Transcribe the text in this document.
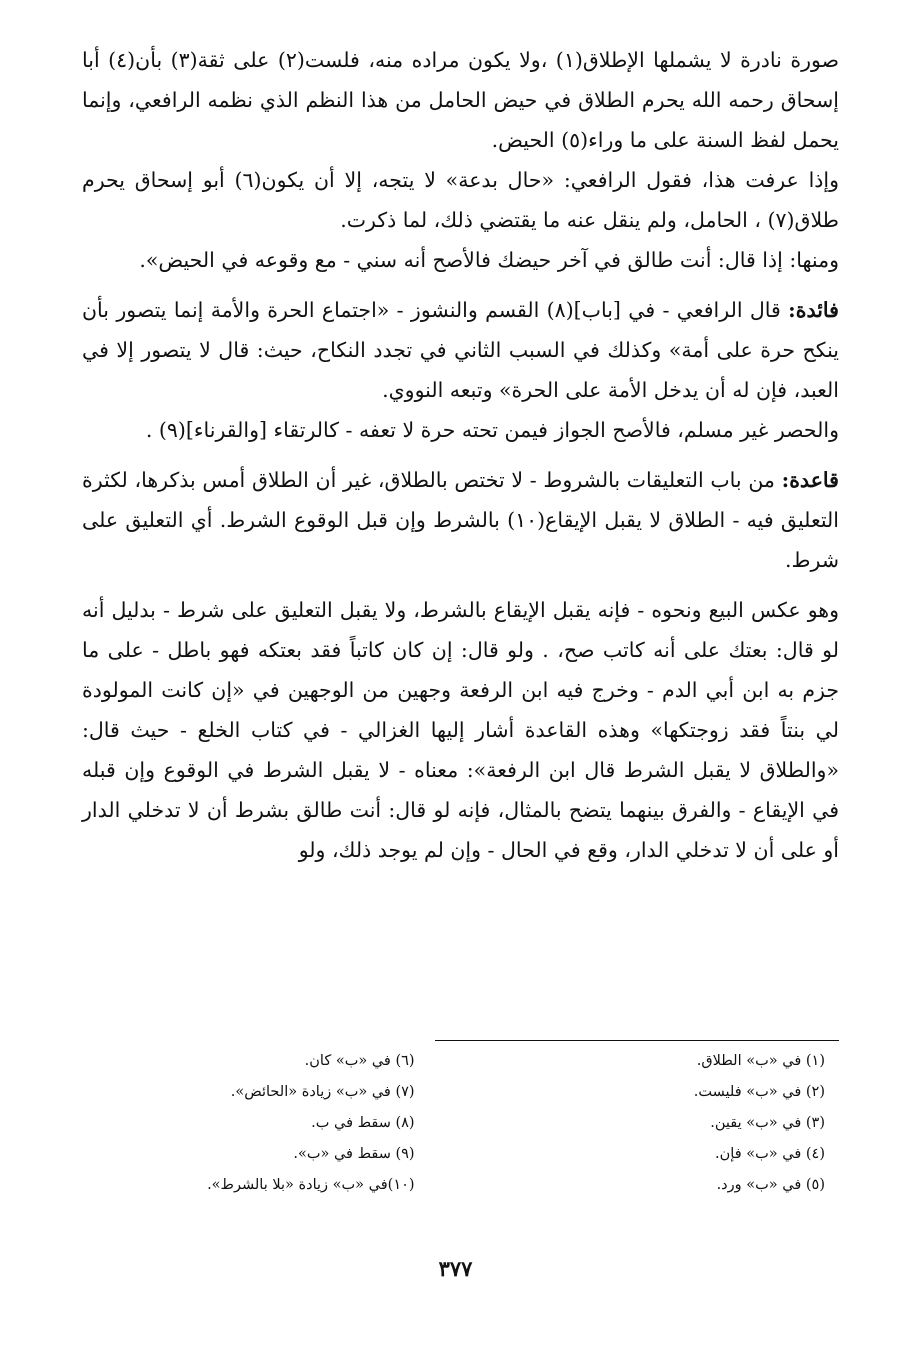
صورة نادرة لا يشملها الإطلاق(١) ،ولا يكون مراده منه، فلست(٢) على ثقة(٣) بأن(٤) أبا إسحاق رحمه الله يحرم الطلاق في حيض الحامل من هذا النظم الذي نظمه الرافعي، وإنما يحمل لفظ السنة على ما وراء(٥) الحيض.

وإذا عرفت هذا، فقول الرافعي: «حال بدعة» لا يتجه، إلا أن يكون(٦) أبو إسحاق يحرم طلاق(٧) ، الحامل، ولم ينقل عنه ما يقتضي ذلك، لما ذكرت.

ومنها: إذا قال: أنت طالق في آخر حيضك فالأصح أنه سني - مع وقوعه في الحيض».

فائدة: قال الرافعي - في [باب](٨) القسم والنشوز - «اجتماع الحرة والأمة إنما يتصور بأن ينكح حرة على أمة» وكذلك في السبب الثاني في تجدد النكاح، حيث: قال لا يتصور إلا في العبد، فإن له أن يدخل الأمة على الحرة» وتبعه النووي.

والحصر غير مسلم، فالأصح الجواز فيمن تحته حرة لا تعفه - كالرتقاء [والقرناء](٩) .

قاعدة: من باب التعليقات بالشروط - لا تختص بالطلاق، غير أن الطلاق أمس بذكرها، لكثرة التعليق فيه - الطلاق لا يقبل الإيقاع(١٠) بالشرط وإن قبل الوقوع الشرط. أي التعليق على شرط.

وهو عكس البيع ونحوه - فإنه يقبل الإيقاع بالشرط، ولا يقبل التعليق على شرط - بدليل أنه لو قال: بعتك على أنه كاتب صح، . ولو قال: إن كان كاتباً فقد بعتكه فهو باطل - على ما جزم به ابن أبي الدم - وخرج فيه ابن الرفعة وجهين من الوجهين في «إن كانت المولودة لي بنتاً فقد زوجتكها» وهذه القاعدة أشار إليها الغزالي - في كتاب الخلع - حيث قال: «والطلاق لا يقبل الشرط قال ابن الرفعة»: معناه - لا يقبل الشرط في الوقوع وإن قبله في الإيقاع - والفرق بينهما يتضح بالمثال، فإنه لو قال: أنت طالق بشرط أن لا تدخلي الدار أو على أن لا تدخلي الدار، وقع في الحال - وإن لم يوجد ذلك، ولو

(١) في «ب» الطلاق.
(٢) في «ب» فليست.
(٣) في «ب» يقين.
(٤) في «ب» فإن.
(٥) في «ب» ورد.
(٦) في «ب» كان.
(٧) في «ب» زيادة «الحائض».
(٨) سقط في ب.
(٩) سقط في «ب».
(١٠)في «ب» زيادة «بلا بالشرط».
٣٧٧
